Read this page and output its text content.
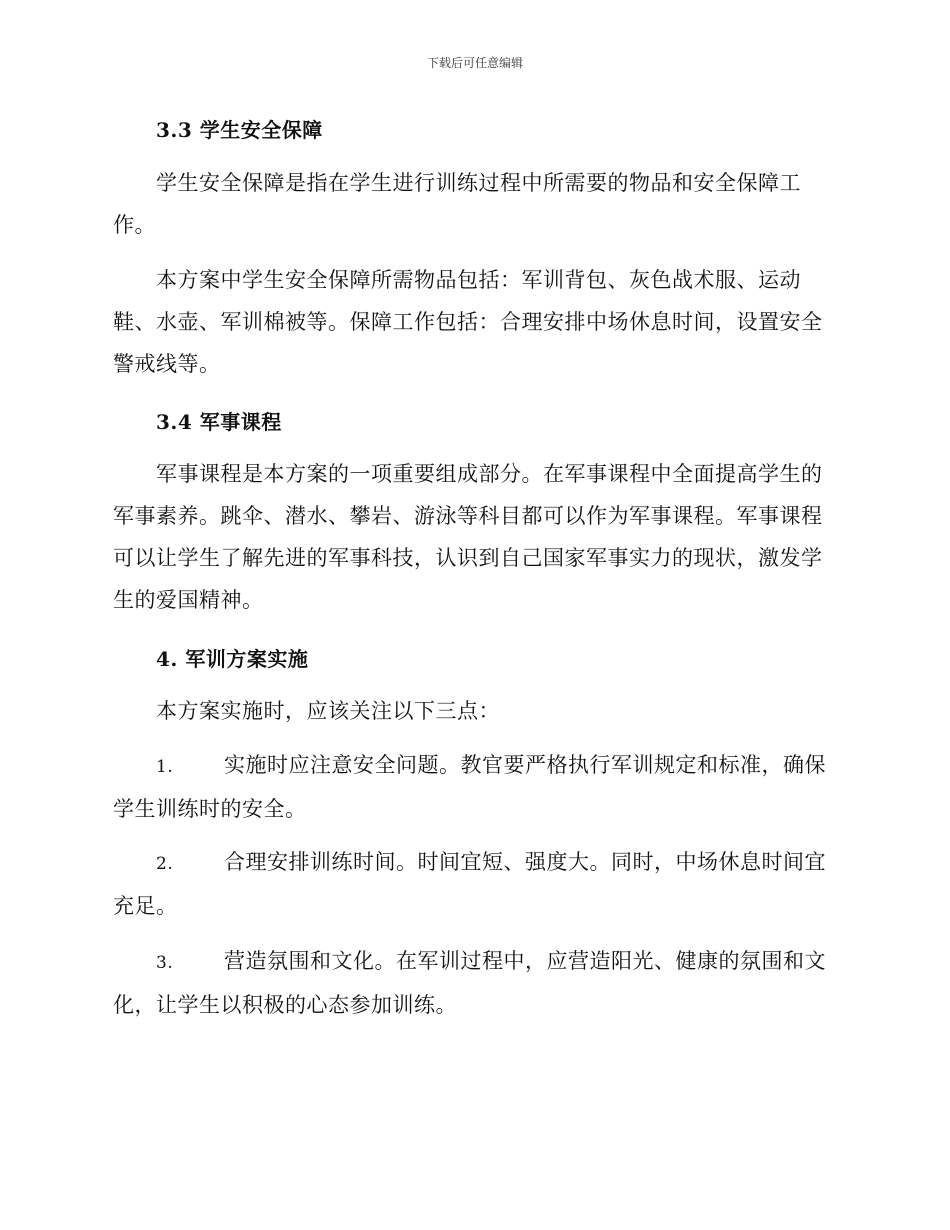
下载后可任意编辑
3.3 学生安全保障

学生安全保障是指在学生进行训练过程中所需要的物品和安全保障工作。

本方案中学生安全保障所需物品包括：军训背包、灰色战术服、运动鞋、水壶、军训棉被等。保障工作包括：合理安排中场休息时间，设置安全警戒线等。

3.4 军事课程

军事课程是本方案的一项重要组成部分。在军事课程中全面提高学生的军事素养。跳伞、潜水、攀岩、游泳等科目都可以作为军事课程。军事课程可以让学生了解先进的军事科技，认识到自己国家军事实力的现状，激发学生的爱国精神。

4. 军训方案实施

本方案实施时，应该关注以下三点：

1. 实施时应注意安全问题。教官要严格执行军训规定和标准，确保学生训练时的安全。

2. 合理安排训练时间。时间宜短、强度大。同时，中场休息时间宜充足。

3. 营造氛围和文化。在军训过程中，应营造阳光、健康的氛围和文化，让学生以积极的心态参加训练。
